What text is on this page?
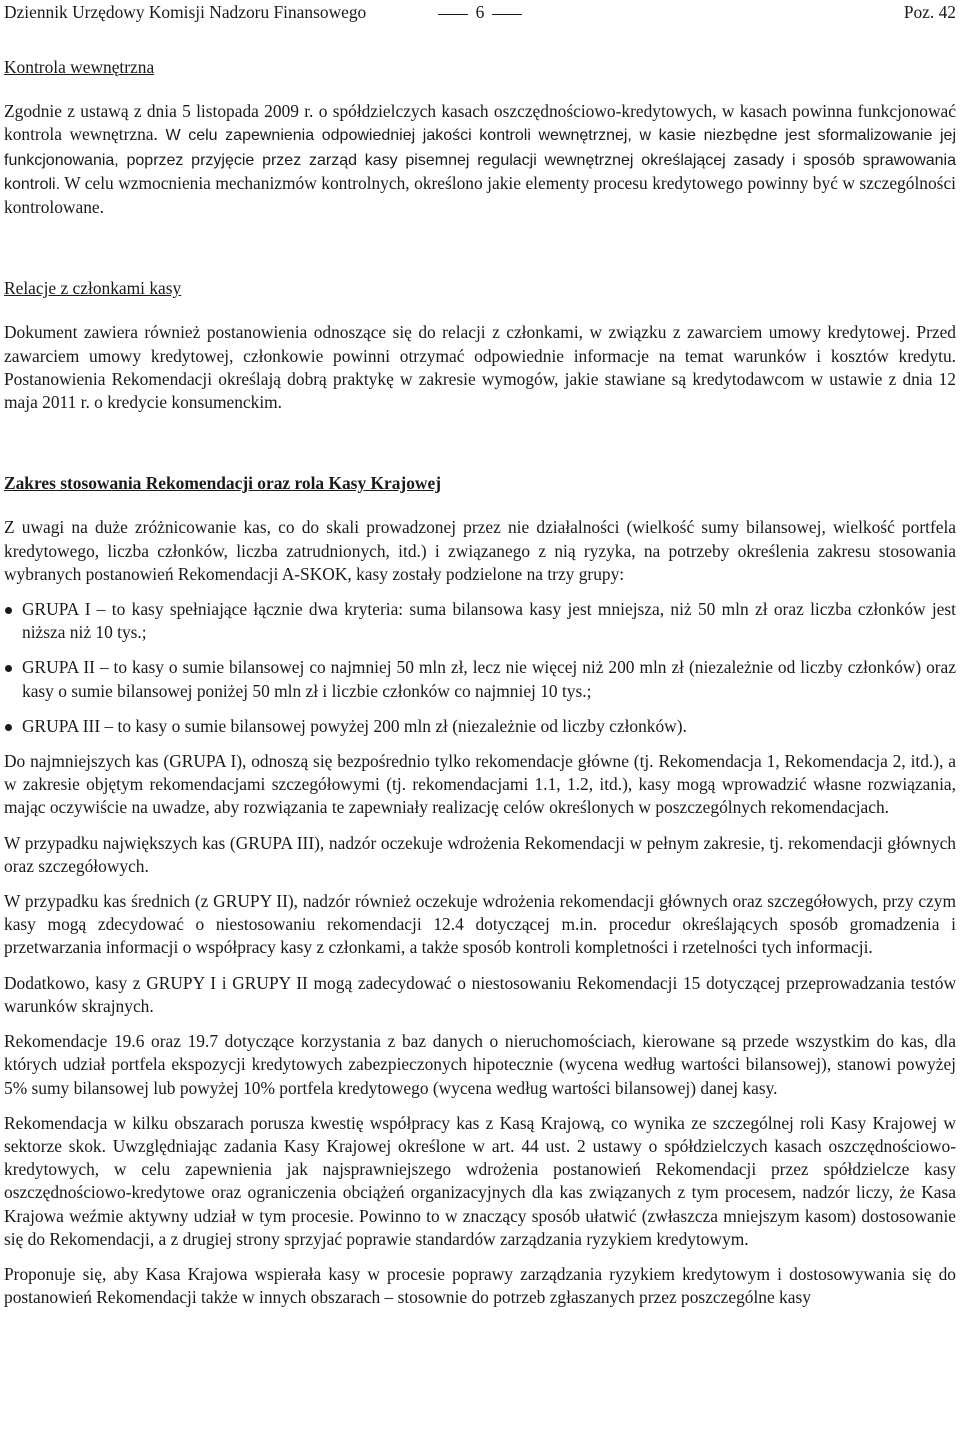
Dziennik Urzędowy Komisji Nadzoru Finansowego	6	Poz. 42
Kontrola wewnętrzna

Zgodnie z ustawą z dnia 5 listopada 2009 r. o spółdzielczych kasach oszczędnościowo-kredytowych, w kasach powinna funkcjonować kontrola wewnętrzna. W celu zapewnienia odpowiedniej jakości kontroli wewnętrznej, w kasie niezbędne jest sformalizowanie jej funkcjonowania, poprzez przyjęcie przez zarząd kasy pisemnej regulacji wewnętrznej określającej zasady i sposób sprawowania kontroli. W celu wzmocnienia mechanizmów kontrolnych, określono jakie elementy procesu kredytowego powinny być w szczególności kontrolowane.

Relacje z członkami kasy

Dokument zawiera również postanowienia odnoszące się do relacji z członkami, w związku z zawarciem umowy kredytowej. Przed zawarciem umowy kredytowej, członkowie powinni otrzymać odpowiednie informacje na temat warunków i kosztów kredytu. Postanowienia Rekomendacji określają dobrą praktykę w zakresie wymogów, jakie stawiane są kredytodawcom w ustawie z dnia 12 maja 2011 r. o kredycie konsumenckim.

Zakres stosowania Rekomendacji oraz rola Kasy Krajowej

Z uwagi na duże zróżnicowanie kas, co do skali prowadzonej przez nie działalności (wielkość sumy bilansowej, wielkość portfela kredytowego, liczba członków, liczba zatrudnionych, itd.) i związanego z nią ryzyka, na potrzeby określenia zakresu stosowania wybranych postanowień Rekomendacji A-SKOK, kasy zostały podzielone na trzy grupy:

GRUPA I – to kasy spełniające łącznie dwa kryteria: suma bilansowa kasy jest mniejsza, niż 50 mln zł oraz liczba członków jest niższa niż 10 tys.;
GRUPA II – to kasy o sumie bilansowej co najmniej 50 mln zł, lecz nie więcej niż 200 mln zł (niezależnie od liczby członków) oraz kasy o sumie bilansowej poniżej 50 mln zł i liczbie członków co najmniej 10 tys.;
GRUPA III – to kasy o sumie bilansowej powyżej 200 mln zł (niezależnie od liczby członków).

Do najmniejszych kas (GRUPA I), odnoszą się bezpośrednio tylko rekomendacje główne (tj. Rekomendacja 1, Rekomendacja 2, itd.), a w zakresie objętym rekomendacjami szczegółowymi (tj. rekomendacjami 1.1, 1.2, itd.), kasy mogą wprowadzić własne rozwiązania, mając oczywiście na uwadze, aby rozwiązania te zapewniały realizację celów określonych w poszczególnych rekomendacjach.

W przypadku największych kas (GRUPA III), nadzór oczekuje wdrożenia Rekomendacji w pełnym zakresie, tj. rekomendacji głównych oraz szczegółowych.

W przypadku kas średnich (z GRUPY II), nadzór również oczekuje wdrożenia rekomendacji głównych oraz szczegółowych, przy czym kasy mogą zdecydować o niestosowaniu rekomendacji 12.4 dotyczącej m.in. procedur określających sposób gromadzenia i przetwarzania informacji o współpracy kasy z członkami, a także sposób kontroli kompletności i rzetelności tych informacji.

Dodatkowo, kasy z GRUPY I i GRUPY II mogą zadecydować o niestosowaniu Rekomendacji 15 dotyczącej przeprowadzania testów warunków skrajnych.

Rekomendacje 19.6 oraz 19.7 dotyczące korzystania z baz danych o nieruchomościach, kierowane są przede wszystkim do kas, dla których udział portfela ekspozycji kredytowych zabezpieczonych hipotecznie (wycena według wartości bilansowej), stanowi powyżej 5% sumy bilansowej lub powyżej 10% portfela kredytowego (wycena według wartości bilansowej) danej kasy.

Rekomendacja w kilku obszarach porusza kwestię współpracy kas z Kasą Krajową, co wynika ze szczególnej roli Kasy Krajowej w sektorze skok. Uwzględniając zadania Kasy Krajowej określone w art. 44 ust. 2 ustawy o spółdzielczych kasach oszczędnościowo-kredytowych, w celu zapewnienia jak najsprawniejszego wdrożenia postanowień Rekomendacji przez spółdzielcze kasy oszczędnościowo-kredytowe oraz ograniczenia obciążeń organizacyjnych dla kas związanych z tym procesem, nadzór liczy, że Kasa Krajowa weźmie aktywny udział w tym procesie. Powinno to w znaczący sposób ułatwić (zwłaszcza mniejszym kasom) dostosowanie się do Rekomendacji, a z drugiej strony sprzyjać poprawie standardów zarządzania ryzykiem kredytowym.

Proponuje się, aby Kasa Krajowa wspierała kasy w procesie poprawy zarządzania ryzykiem kredytowym i dostosowywania się do postanowień Rekomendacji także w innych obszarach – stosownie do potrzeb zgłaszanych przez poszczególne kasy
